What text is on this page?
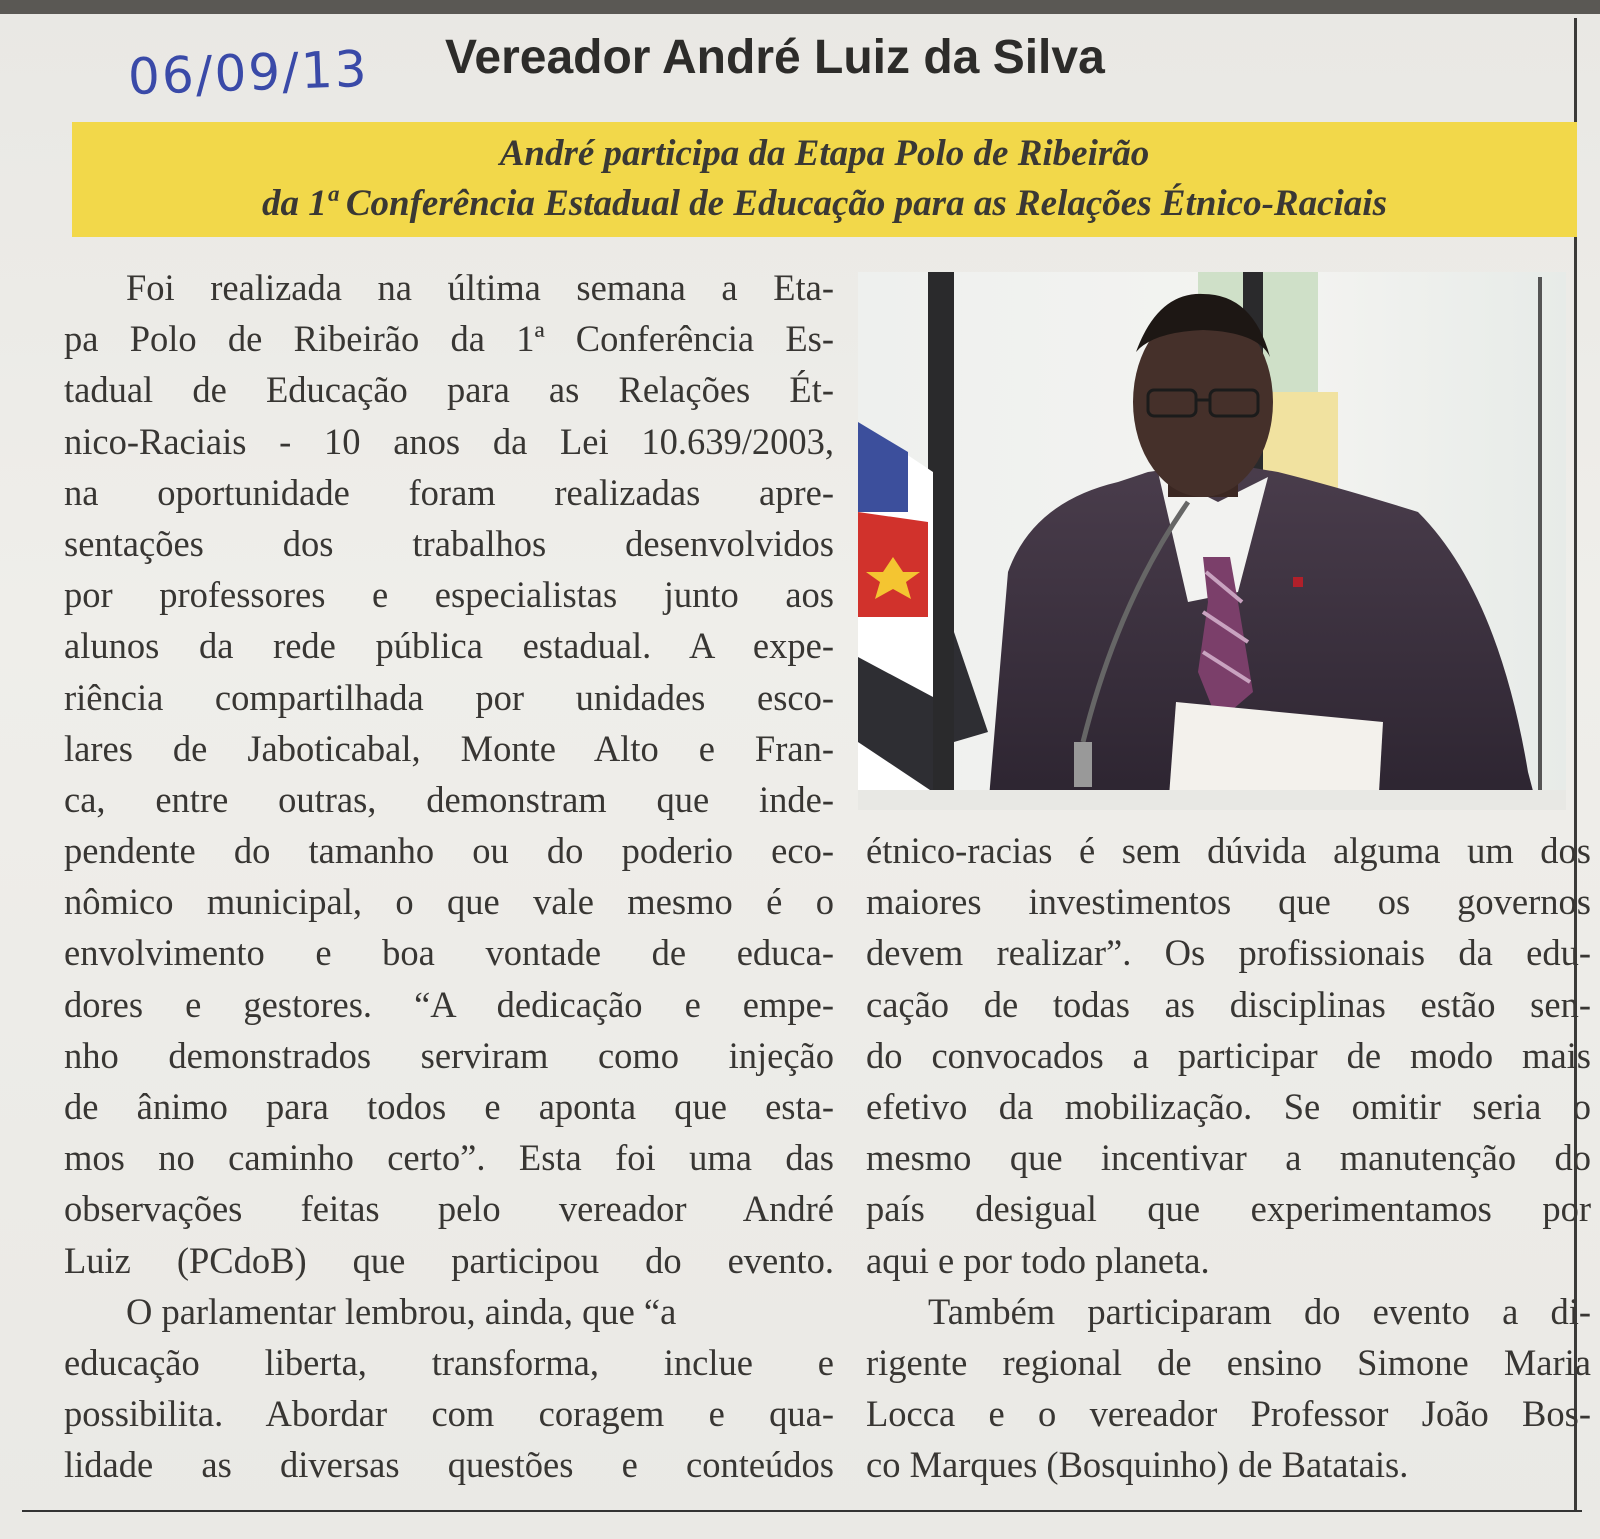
06/09/13 Vereador André Luiz da Silva
André participa da Etapa Polo de Ribeirão
da 1ª Conferência Estadual de Educação para as Relações Étnico-Raciais
Foi realizada na última semana a Eta-
pa Polo de Ribeirão da 1ª Conferência Es-
tadual de Educação para as Relações Ét-
nico-Raciais - 10 anos da Lei 10.639/2003,
na oportunidade foram realizadas apre-
sentações dos trabalhos desenvolvidos
por professores e especialistas junto aos
alunos da rede pública estadual. A expe-
riência compartilhada por unidades esco-
lares de Jaboticabal, Monte Alto e Fran-
ca, entre outras, demonstram que inde-
pendente do tamanho ou do poderio eco-
nômico municipal, o que vale mesmo é o
envolvimento e boa vontade de educa-
dores e gestores. “A dedicação e empe-
nho demonstrados serviram como injeção
de ânimo para todos e aponta que esta-
mos no caminho certo”. Esta foi uma das
observações feitas pelo vereador André
Luiz (PCdoB) que participou do evento.
O parlamentar lembrou, ainda, que “a
educação liberta, transforma, inclue e
possibilita. Abordar com coragem e qua-
lidade as diversas questões e conteúdos
étnico-racias é sem dúvida alguma um dos
maiores investimentos que os governos
devem realizar”. Os profissionais da edu-
cação de todas as disciplinas estão sen-
do convocados a participar de modo mais
efetivo da mobilização. Se omitir seria o
mesmo que incentivar a manutenção do
país desigual que experimentamos por
aqui e por todo planeta.
Também participaram do evento a di-
rigente regional de ensino Simone Maria
Locca e o vereador Professor João Bos-
co Marques (Bosquinho) de Batatais.
